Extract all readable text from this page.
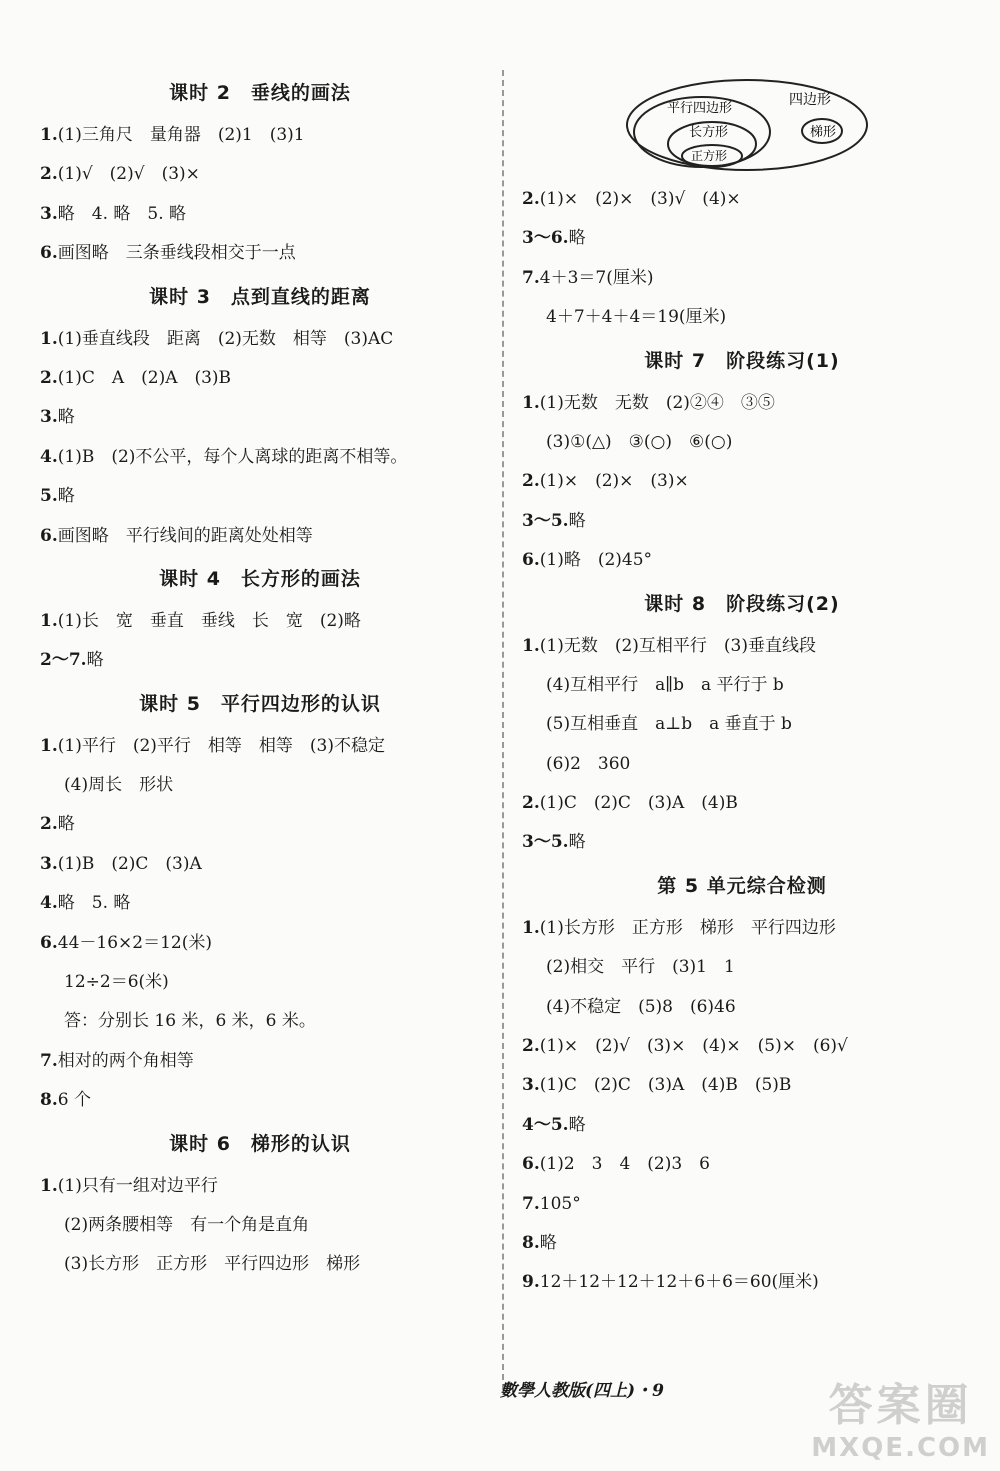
课时 2　垂线的画法
1.(1)三角尺　量角器　(2)1　(3)1
2.(1)√　(2)√　(3)×
3.略　4. 略　5. 略
6.画图略　三条垂线段相交于一点
课时 3　点到直线的距离
1.(1)垂直线段　距离　(2)无数　相等　(3)AC
2.(1)C　A　(2)A　(3)B
3.略
4.(1)B　(2)不公平，每个人离球的距离不相等。
5.略
6.画图略　平行线间的距离处处相等
课时 4　长方形的画法
1.(1)长　宽　垂直　垂线　长　宽　(2)略
2～7.略
课时 5　平行四边形的认识
1.(1)平行　(2)平行　相等　相等　(3)不稳定
(4)周长　形状
2.略
3.(1)B　(2)C　(3)A
4.略　5. 略
6.44－16×2＝12(米)
12÷2＝6(米)
答：分别长 16 米，6 米，6 米。
7.相对的两个角相等
8.6 个
课时 6　梯形的认识
1.(1)只有一组对边平行
(2)两条腰相等　有一个角是直角
(3)长方形　正方形　平行四边形　梯形
四边形
平行四边形
长方形
正方形
梯形
2.(1)×　(2)×　(3)√　(4)×
3～6.略
7.4＋3＝7(厘米)
4＋7＋4＋4＝19(厘米)
课时 7　阶段练习(1)
1.(1)无数　无数　(2)②④　③⑤
(3)①(△)　③(○)　⑥(○)
2.(1)×　(2)×　(3)×
3～5.略
6.(1)略　(2)45°
课时 8　阶段练习(2)
1.(1)无数　(2)互相平行　(3)垂直线段
(4)互相平行　a∥b　a 平行于 b
(5)互相垂直　a⊥b　a 垂直于 b
(6)2　360
2.(1)C　(2)C　(3)A　(4)B
3～5.略
第 5 单元综合检测
1.(1)长方形　正方形　梯形　平行四边形
(2)相交　平行　(3)1　1
(4)不稳定　(5)8　(6)46
2.(1)×　(2)√　(3)×　(4)×　(5)×　(6)√
3.(1)C　(2)C　(3)A　(4)B　(5)B
4～5.略
6.(1)2　3　4　(2)3　6
7.105°
8.略
9.12＋12＋12＋12＋6＋6＝60(厘米)
數學人教版(四上)・9	答案圈
MXQE.COM
